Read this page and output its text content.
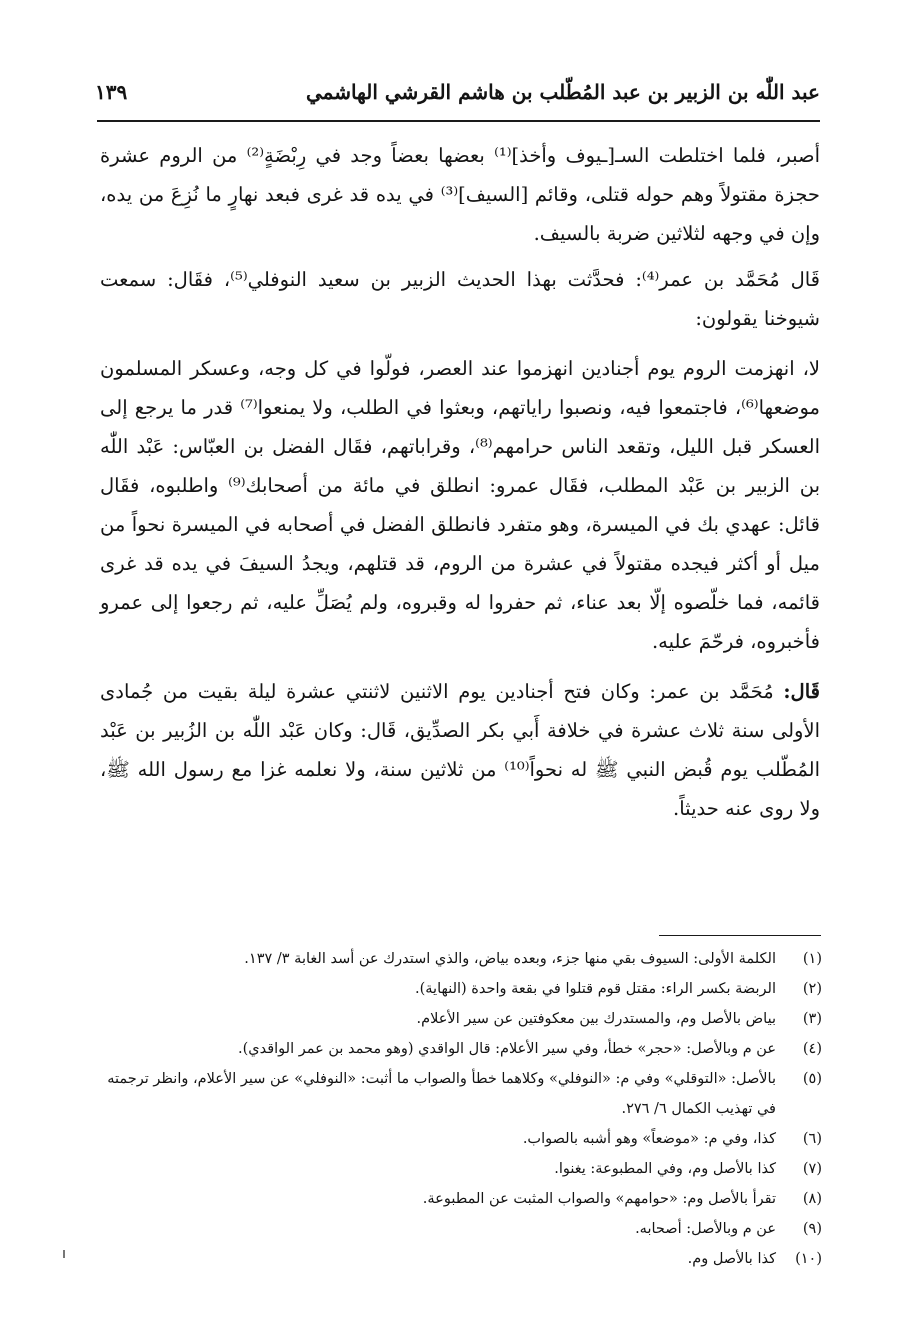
عبد اللّٰه بن الزبير بن عبد المُطّلب بن هاشم القرشي الهاشمي
١٣٩

أصبر، فلما اختلطت السـ[ـيوف وأخذ]⁽¹⁾ بعضها بعضاً وجد في رِبْضَةٍ⁽²⁾ من الروم عشرة حجزة مقتولاً وهم حوله قتلى، وقائم [السيف]⁽³⁾ في يده قد غرى فبعد نهارٍ ما نُزِعَ من يده، وإن في وجهه لثلاثين ضربة بالسيف.

قَال مُحَمَّد بن عمر⁽⁴⁾: فحدَّثت بهذا الحديث الزبير بن سعيد النوفلي⁽⁵⁾، فقَال: سمعت شيوخنا يقولون:

لا، انهزمت الروم يوم أجنادين انهزموا عند العصر، فولّوا في كل وجه، وعسكر المسلمون موضعها⁽⁶⁾، فاجتمعوا فيه، ونصبوا راياتهم، وبعثوا في الطلب، ولا يمنعوا⁽⁷⁾ قدر ما يرجع إلى العسكر قبل الليل، وتقعد الناس حرامهم⁽⁸⁾، وقراباتهم، فقَال الفضل بن العبّاس: عَبْد اللّٰه بن الزبير بن عَبْد المطلب، فقَال عمرو: انطلق في مائة من أصحابك⁽⁹⁾ واطلبوه، فقَال قائل: عهدي بك في الميسرة، وهو متفرد فانطلق الفضل في أصحابه في الميسرة نحواً من ميل أو أكثر فيجده مقتولاً في عشرة من الروم، قد قتلهم، ويجدُ السيفَ في يده قد غرى قائمه، فما خلّصوه إلّا بعد عناء، ثم حفروا له وقبروه، ولم يُصَلِّ عليه، ثم رجعوا إلى عمرو فأخبروه، فرحّمَ عليه.

قَال: مُحَمَّد بن عمر: وكان فتح أجنادين يوم الاثنين لاثنتي عشرة ليلة بقيت من جُمادى الأولى سنة ثلاث عشرة في خلافة أَبي بكر الصدِّيق، قَال: وكان عَبْد اللّٰه بن الزُبير بن عَبْد المُطّلب يوم قُبض النبي ﷺ له نحواً⁽¹⁰⁾ من ثلاثين سنة، ولا نعلمه غزا مع رسول الله ﷺ، ولا روى عنه حديثاً.

(١)
الكلمة الأولى: السيوف بقي منها جزء، وبعده بياض، والذي استدرك عن أسد الغابة ٣/ ١٣٧.
(٢)
الربضة بكسر الراء: مقتل قوم قتلوا في بقعة واحدة (النهاية).
(٣)
بياض بالأصل وم، والمستدرك بين معكوفتين عن سير الأعلام.
(٤)
عن م وبالأصل: «حجر» خطأ، وفي سير الأعلام: قال الواقدي (وهو محمد بن عمر الواقدي).
(٥)
بالأصل: «التوقلي» وفي م: «النوفلي» وكلاهما خطأ والصواب ما أثبت: «النوفلي» عن سير الأعلام، وانظر ترجمته في تهذيب الكمال ٦/ ٢٧٦.
(٦)
كذا، وفي م: «موضعاً» وهو أشبه بالصواب.
(٧)
كذا بالأصل وم، وفي المطبوعة: يغنوا.
(٨)
تقرأ بالأصل وم: «حوامهم» والصواب المثبت عن المطبوعة.
(٩)
عن م وبالأصل: أصحابه.
(١٠)
كذا بالأصل وم.
